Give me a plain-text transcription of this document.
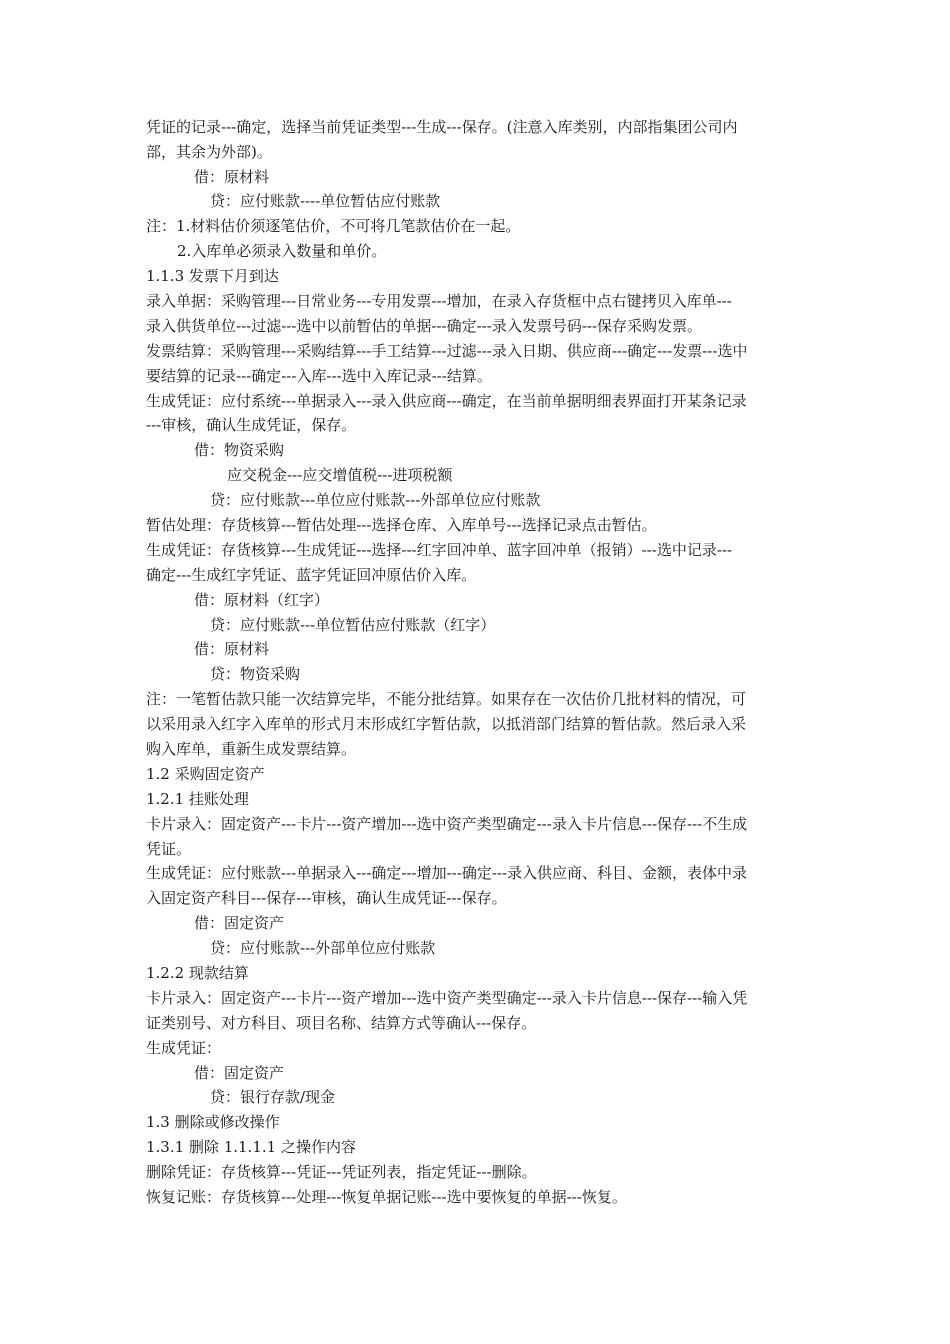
凭证的记录---确定，选择当前凭证类型---生成---保存。(注意入库类别，内部指集团公司内
部，其余为外部)。
借：原材料
贷：应付账款----单位暂估应付账款
注：1.材料估价须逐笔估价，不可将几笔款估价在一起。
2.入库单必须录入数量和单价。
1.1.3 发票下月到达
录入单据：采购管理---日常业务---专用发票---增加，在录入存货框中点右键拷贝入库单---
录入供货单位---过滤---选中以前暂估的单据---确定---录入发票号码---保存采购发票。
发票结算：采购管理---采购结算---手工结算---过滤---录入日期、供应商---确定---发票---选中
要结算的记录---确定---入库---选中入库记录---结算。
生成凭证：应付系统---单据录入---录入供应商---确定，在当前单据明细表界面打开某条记录
---审核，确认生成凭证，保存。
借：物资采购
应交税金---应交增值税---进项税额
贷：应付账款---单位应付账款---外部单位应付账款
暂估处理：存货核算---暂估处理---选择仓库、入库单号---选择记录点击暂估。
生成凭证：存货核算---生成凭证---选择---红字回冲单、蓝字回冲单（报销）---选中记录---
确定---生成红字凭证、蓝字凭证回冲原估价入库。
借：原材料（红字）
贷：应付账款---单位暂估应付账款（红字）
借：原材料
贷：物资采购
注：一笔暂估款只能一次结算完毕，不能分批结算。如果存在一次估价几批材料的情况，可
以采用录入红字入库单的形式月末形成红字暂估款，以抵消部门结算的暂估款。然后录入采
购入库单，重新生成发票结算。
1.2 采购固定资产
1.2.1 挂账处理
卡片录入：固定资产---卡片---资产增加---选中资产类型确定---录入卡片信息---保存---不生成
凭证。
生成凭证：应付账款---单据录入---确定---增加---确定---录入供应商、科目、金额，表体中录
入固定资产科目---保存---审核，确认生成凭证---保存。
借：固定资产
贷：应付账款---外部单位应付账款
1.2.2 现款结算
卡片录入：固定资产---卡片---资产增加---选中资产类型确定---录入卡片信息---保存---输入凭
证类别号、对方科目、项目名称、结算方式等确认---保存。
生成凭证：
借：固定资产
贷：银行存款/现金
1.3 删除或修改操作
1.3.1 删除 1.1.1.1 之操作内容
删除凭证：存货核算---凭证---凭证列表，指定凭证---删除。
恢复记账：存货核算---处理---恢复单据记账---选中要恢复的单据---恢复。
